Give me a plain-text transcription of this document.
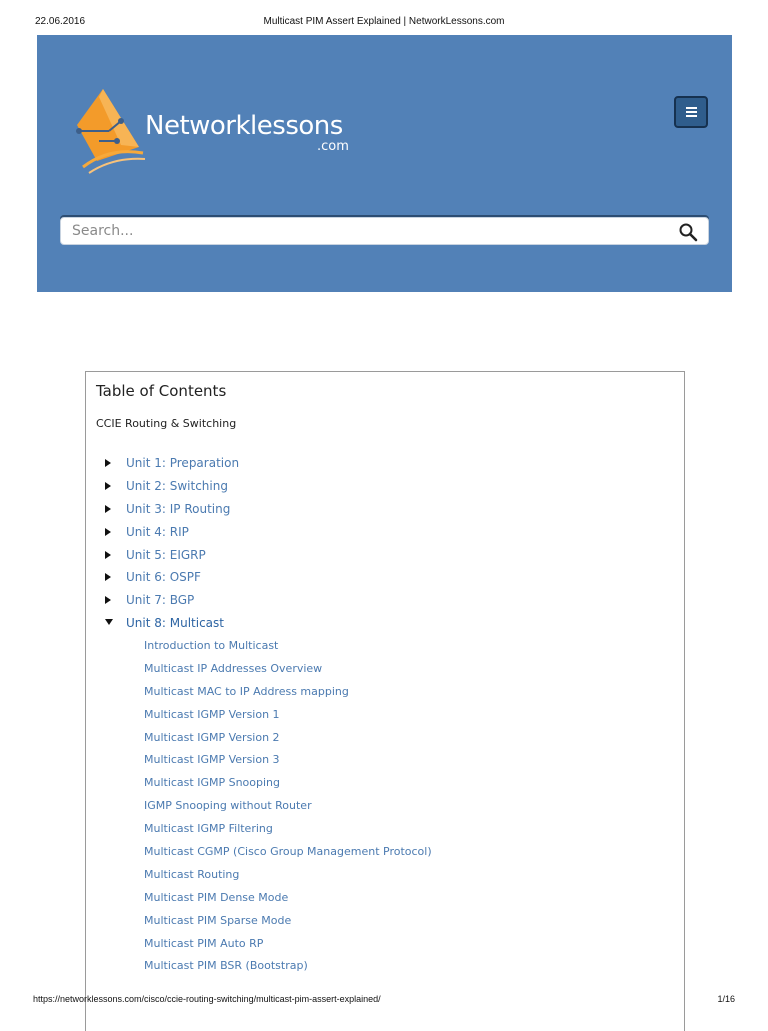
22.06.2016	Multicast PIM Assert Explained | NetworkLessons.com
Networklessons
.com
Search...
Table of Contents
CCIE Routing & Switching
Unit 1: Preparation
Unit 2: Switching
Unit 3: IP Routing
Unit 4: RIP
Unit 5: EIGRP
Unit 6: OSPF
Unit 7: BGP
Unit 8: Multicast
Introduction to Multicast
Multicast IP Addresses Overview
Multicast MAC to IP Address mapping
Multicast IGMP Version 1
Multicast IGMP Version 2
Multicast IGMP Version 3
Multicast IGMP Snooping
IGMP Snooping without Router
Multicast IGMP Filtering
Multicast CGMP (Cisco Group Management Protocol)
Multicast Routing
Multicast PIM Dense Mode
Multicast PIM Sparse Mode
Multicast PIM Auto RP
Multicast PIM BSR (Bootstrap)
https://networklessons.com/cisco/ccie-routing-switching/multicast-pim-assert-explained/	1/16
